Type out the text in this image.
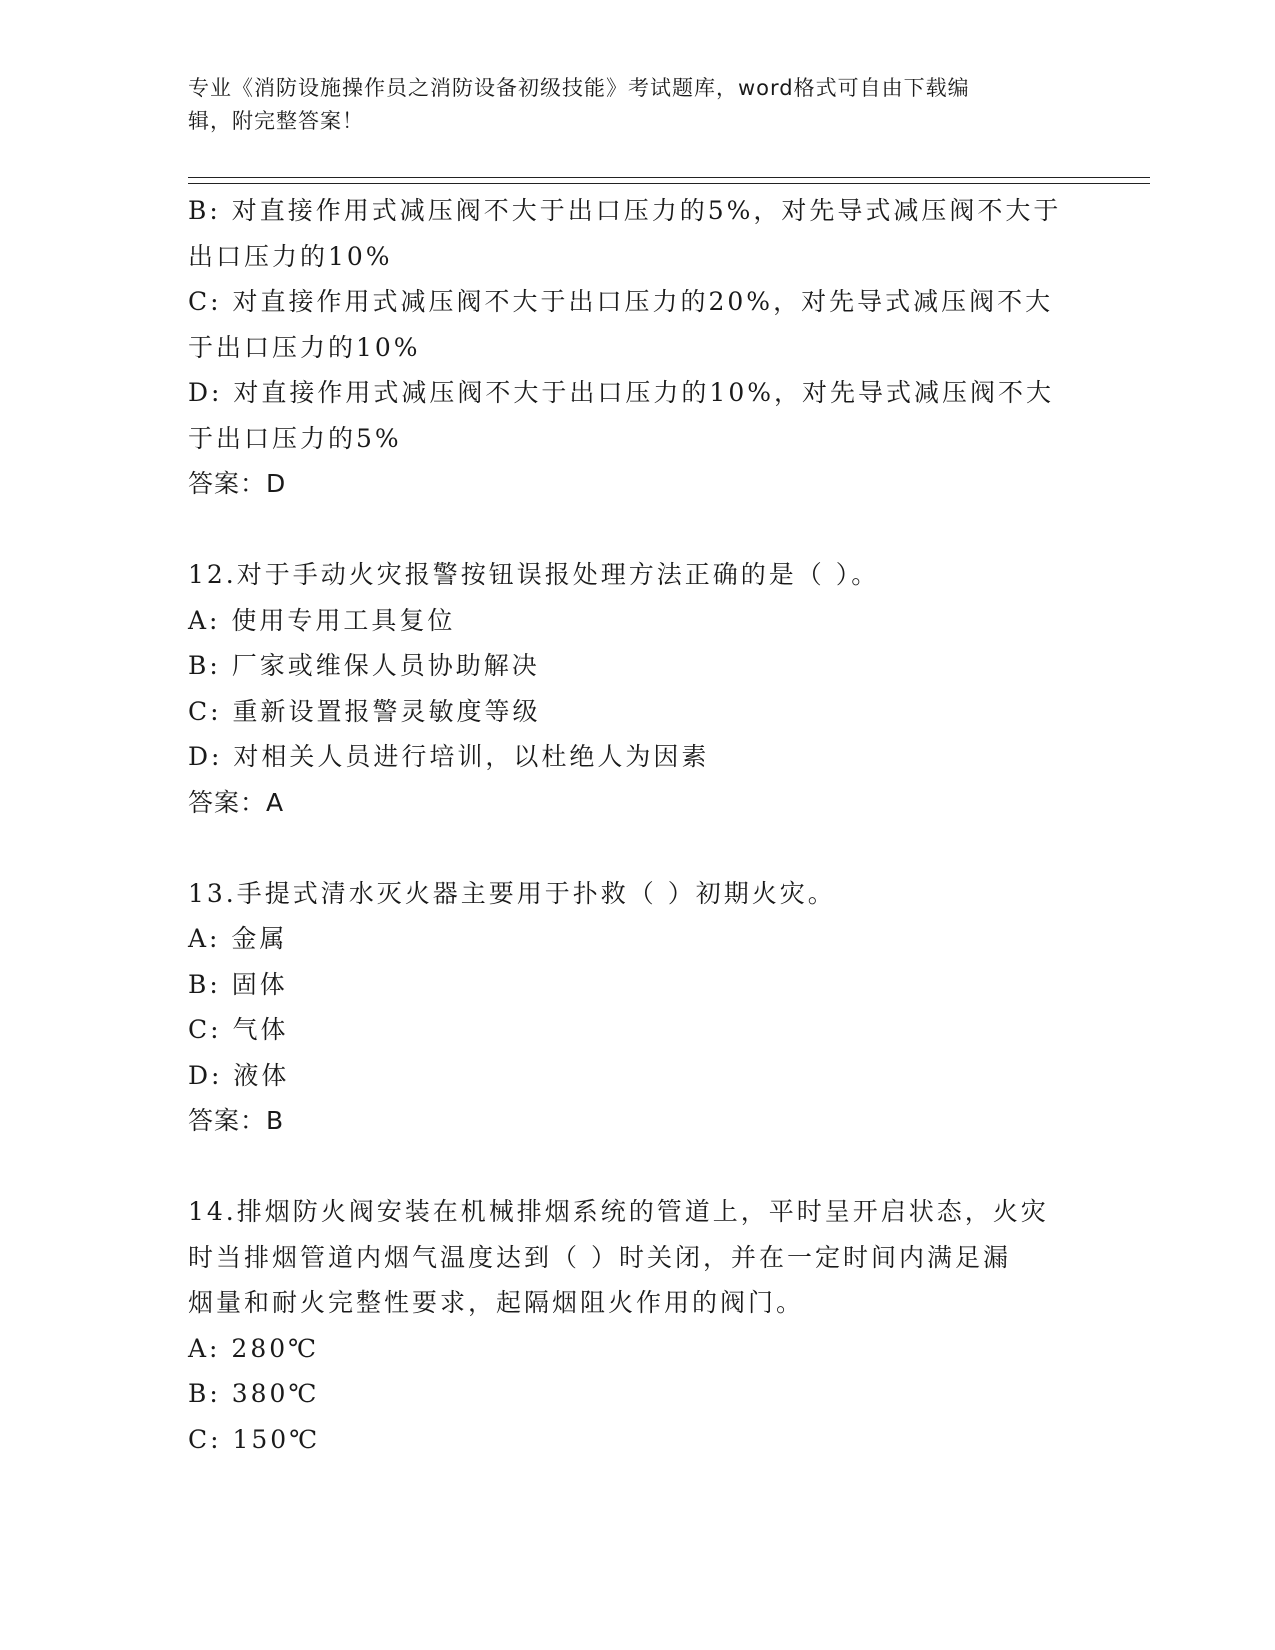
专业《消防设施操作员之消防设备初级技能》考试题库，word格式可自由下载编
辑，附完整答案！
B: 对直接作用式减压阀不大于出口压力的5%，对先导式减压阀不大于
出口压力的10%
C: 对直接作用式减压阀不大于出口压力的20%，对先导式减压阀不大
于出口压力的10%
D: 对直接作用式减压阀不大于出口压力的10%，对先导式减压阀不大
于出口压力的5%
答案：D
12.对于手动火灾报警按钮误报处理方法正确的是（ ）。
A: 使用专用工具复位
B: 厂家或维保人员协助解决
C: 重新设置报警灵敏度等级
D: 对相关人员进行培训，以杜绝人为因素
答案：A
13.手提式清水灭火器主要用于扑救（ ）初期火灾。
A: 金属
B: 固体
C: 气体
D: 液体
答案：B
14.排烟防火阀安装在机械排烟系统的管道上，平时呈开启状态，火灾
时当排烟管道内烟气温度达到（ ）时关闭，并在一定时间内满足漏
烟量和耐火完整性要求，起隔烟阻火作用的阀门。
A: 280℃
B: 380℃
C: 150℃
